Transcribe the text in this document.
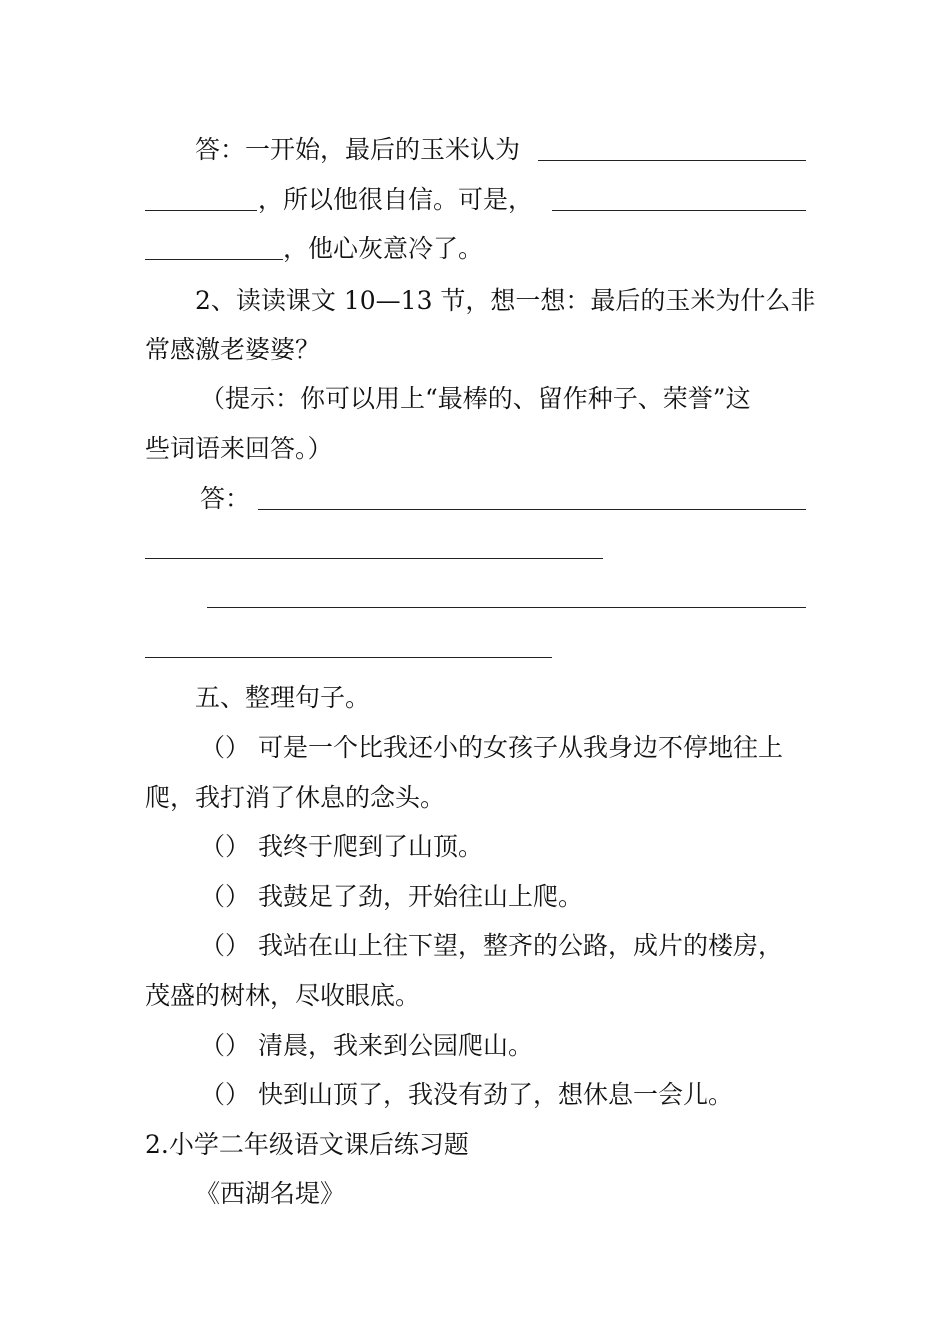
答：一开始，最后的玉米认为
，所以他很自信。可是，
，他心灰意冷了。
2、读读课文 10—13 节，想一想：最后的玉米为什么非
常感激老婆婆？
（提示：你可以用上“最棒的、留作种子、荣誉”这
些词语来回答。）
答：
五、整理句子。
（） 可是一个比我还小的女孩子从我身边不停地往上
爬，我打消了休息的念头。
（） 我终于爬到了山顶。
（） 我鼓足了劲，开始往山上爬。
（） 我站在山上往下望，整齐的公路，成片的楼房，
茂盛的树林，尽收眼底。
（） 清晨，我来到公园爬山。
（） 快到山顶了，我没有劲了，想休息一会儿。
2.小学二年级语文课后练习题
《西湖名堤》
